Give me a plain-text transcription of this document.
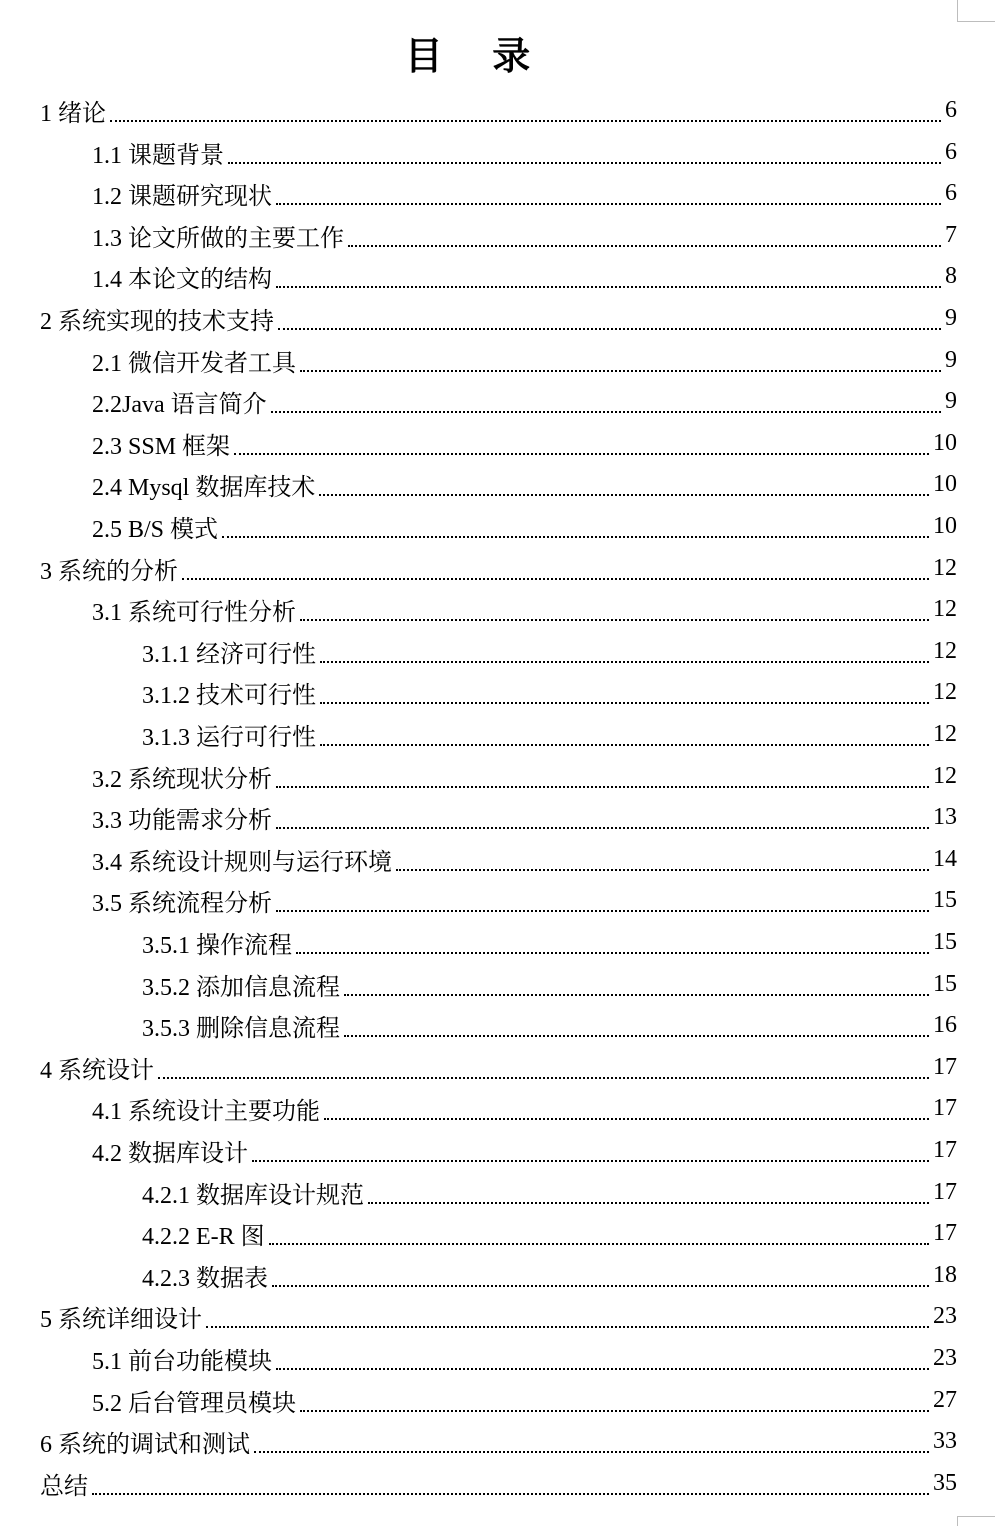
目 录
1 绪论	6
1.1 课题背景	6
1.2 课题研究现状	6
1.3 论文所做的主要工作	7
1.4 本论文的结构	8
2 系统实现的技术支持	9
2.1 微信开发者工具	9
2.2Java 语言简介	9
2.3 SSM 框架	10
2.4 Mysql 数据库技术	10
2.5 B/S 模式	10
3 系统的分析	12
3.1 系统可行性分析	12
3.1.1 经济可行性	12
3.1.2 技术可行性	12
3.1.3 运行可行性	12
3.2 系统现状分析	12
3.3 功能需求分析	13
3.4 系统设计规则与运行环境	14
3.5 系统流程分析	15
3.5.1 操作流程	15
3.5.2 添加信息流程	15
3.5.3 删除信息流程	16
4 系统设计	17
4.1 系统设计主要功能	17
4.2 数据库设计	17
4.2.1 数据库设计规范	17
4.2.2 E-R 图	17
4.2.3 数据表	18
5 系统详细设计	23
5.1 前台功能模块	23
5.2 后台管理员模块	27
6 系统的调试和测试	33
总结	35
